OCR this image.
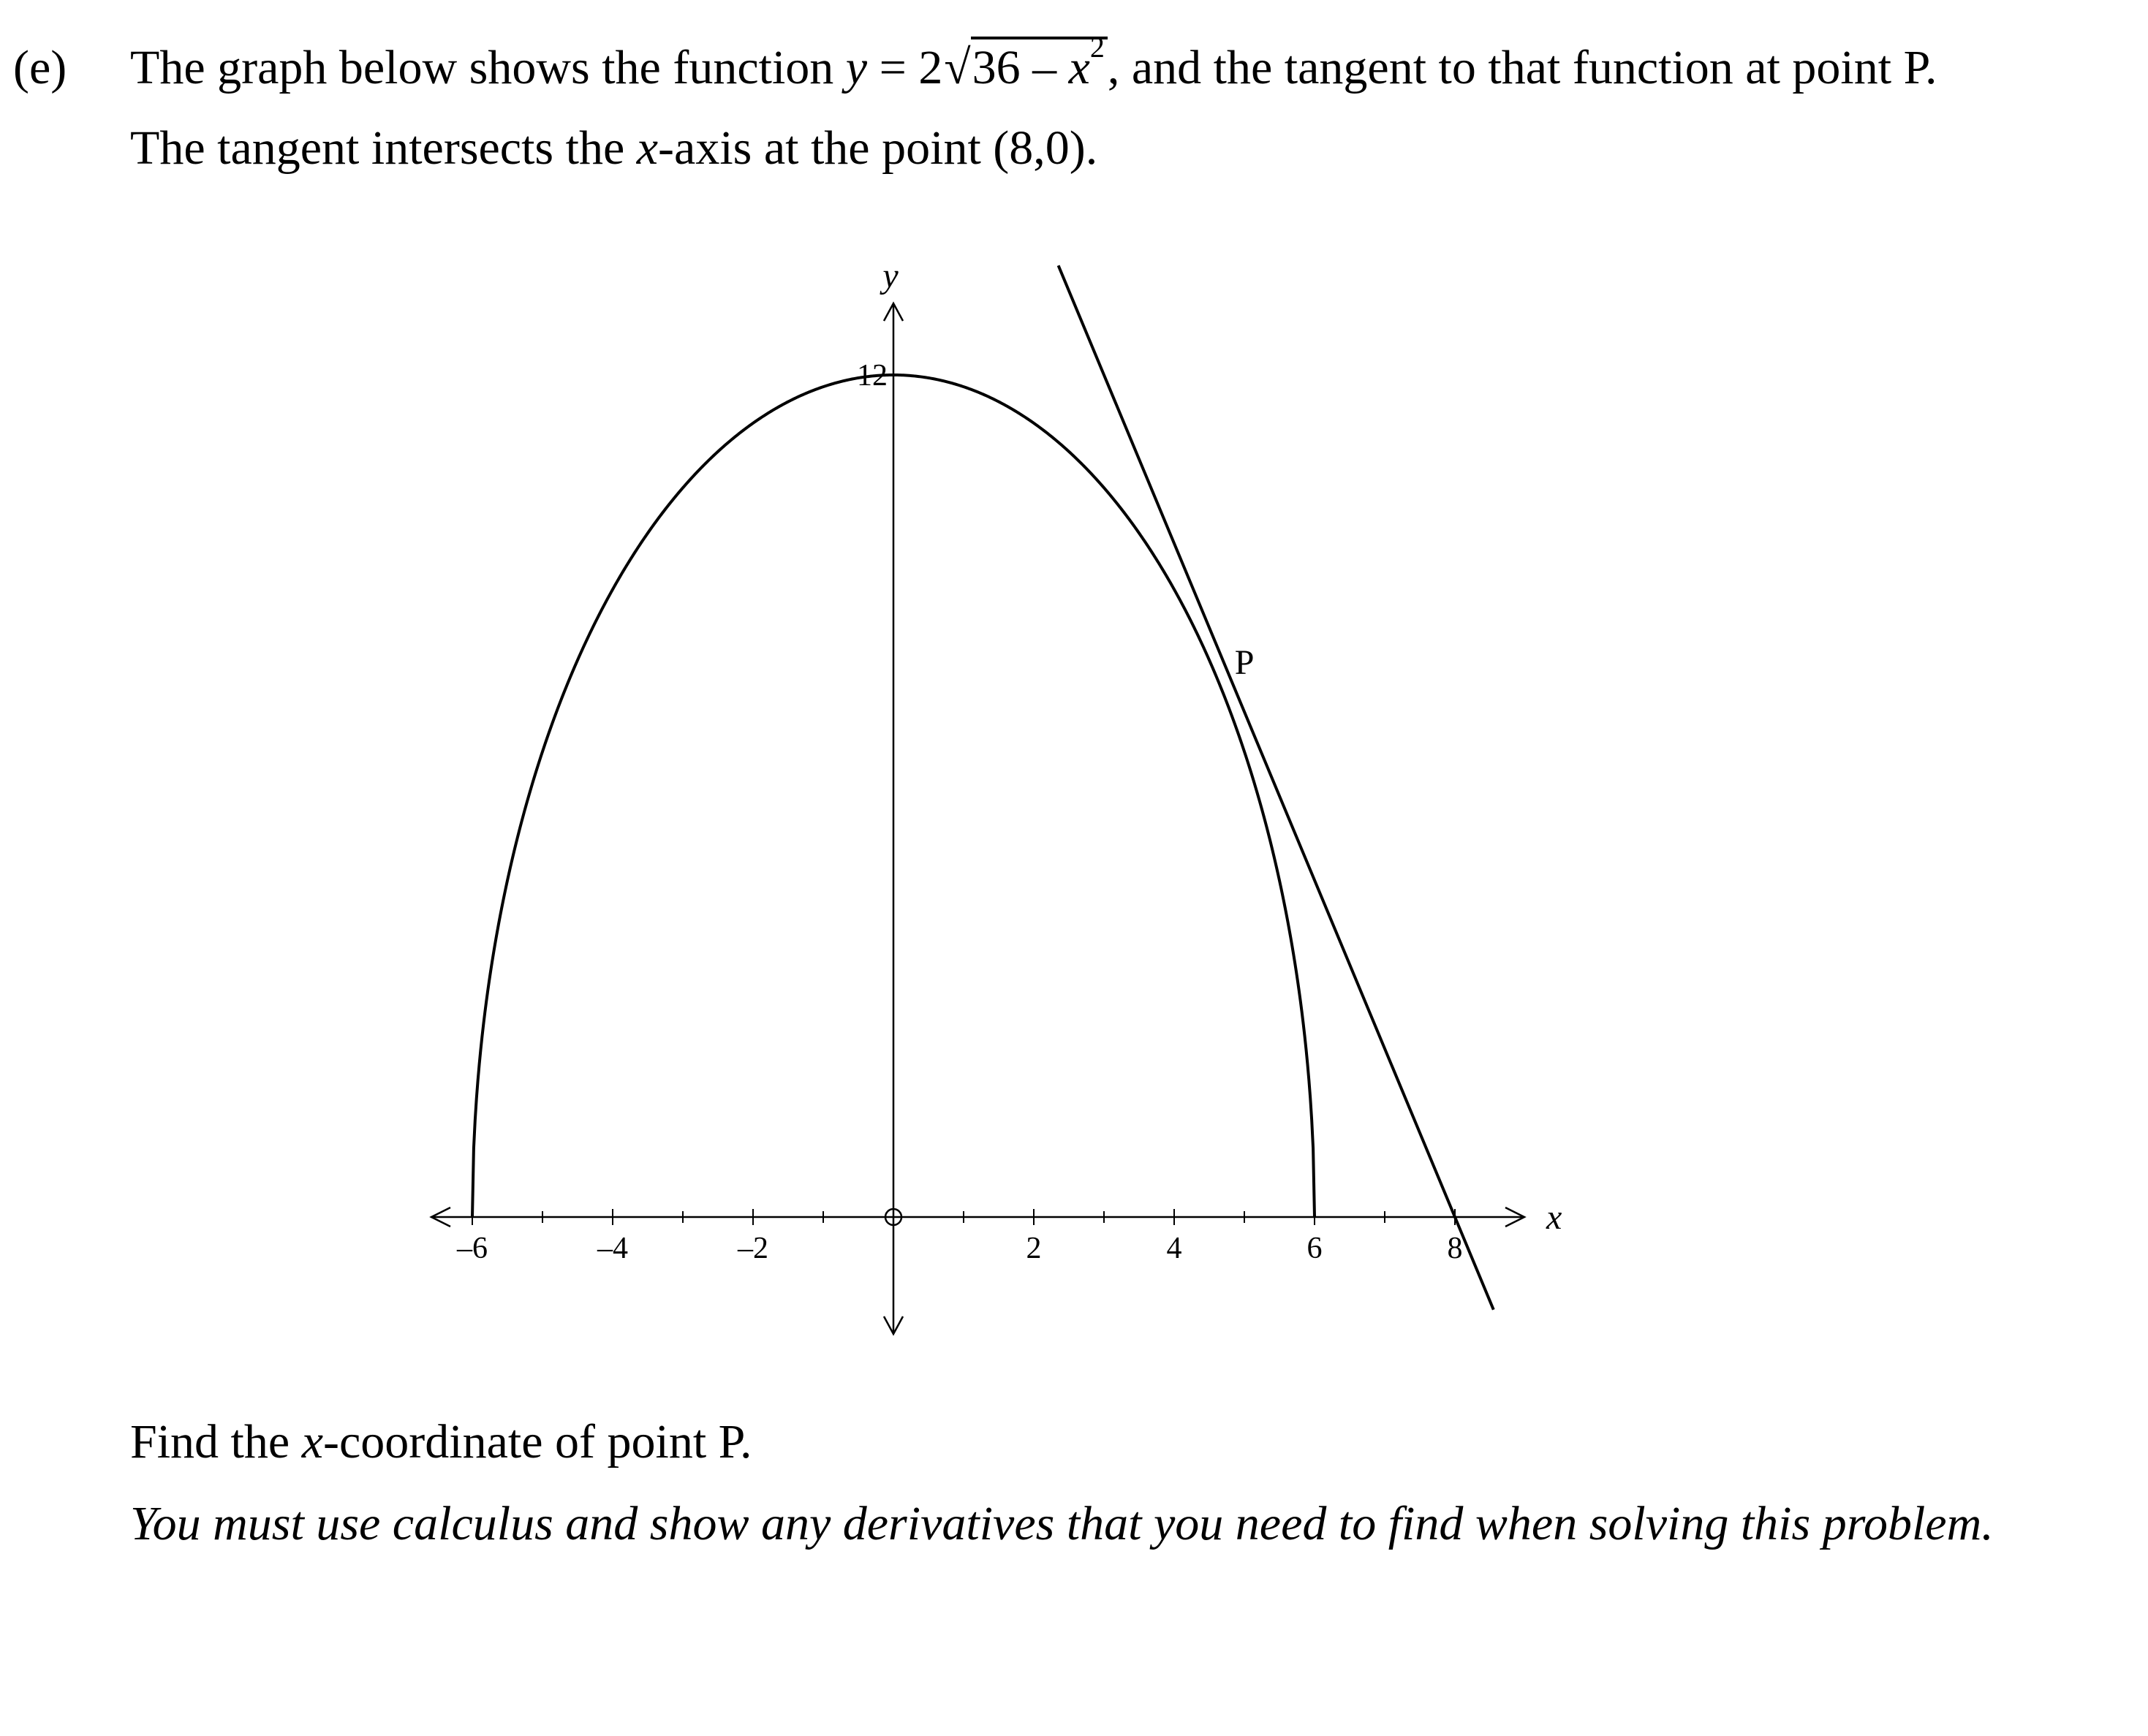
(e) The graph below shows the function $y = 2√36 - x^2$, and the tangent to that function at point P.
The tangent intersects the x-axis at the point (8,0).
–6	–4	–2	2	4	6	8
12
x
y
P
Find the x-coordinate of point P.
You must use calculus and show any derivatives that you need to find when solving this problem.
